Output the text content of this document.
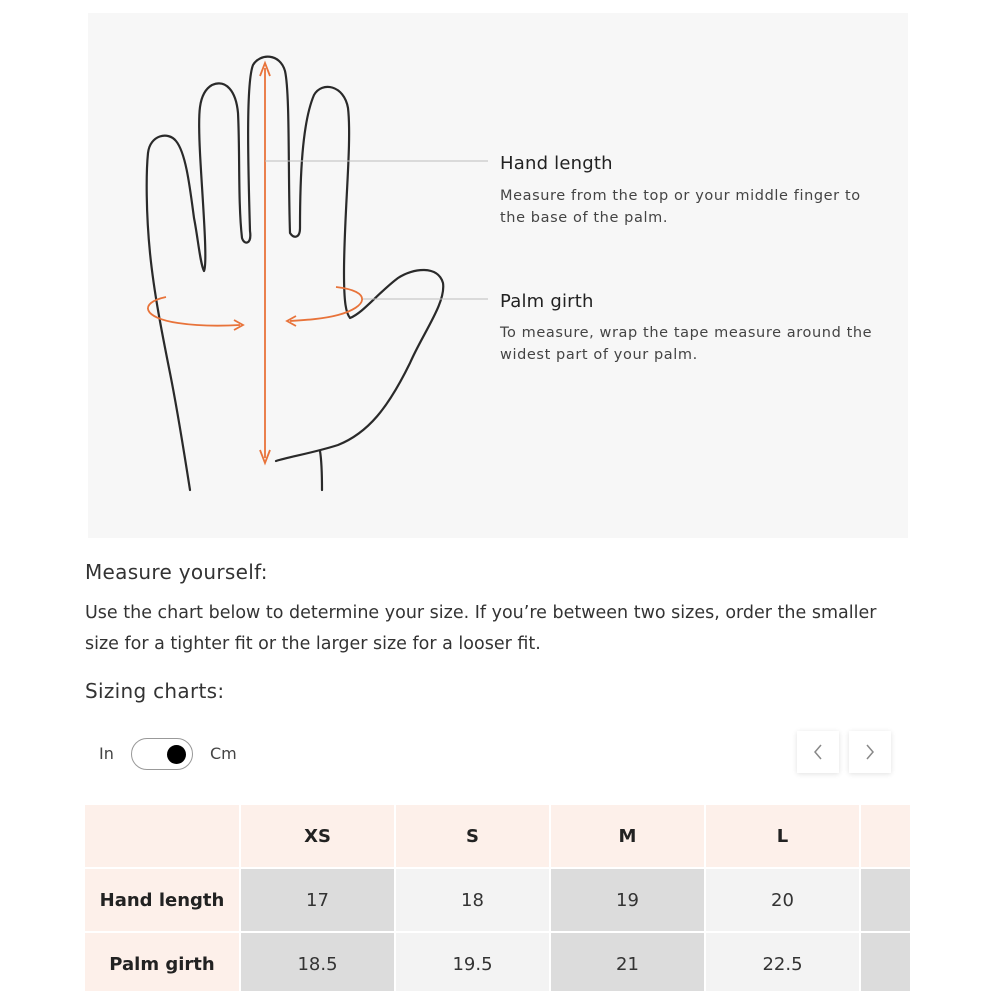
Hand length
Measure from the top or your middle finger to the base of the palm.
Palm girth
To measure, wrap the tape measure around the widest part of your palm.
Measure yourself:
Use the chart below to determine your size. If you’re between two sizes, order the smaller size for a tighter fit or the larger size for a looser fit.
Sizing charts:
In	Cm
	XS	S	M	L	
Hand length	17	18	19	20	
Palm girth	18.5	19.5	21	22.5	
